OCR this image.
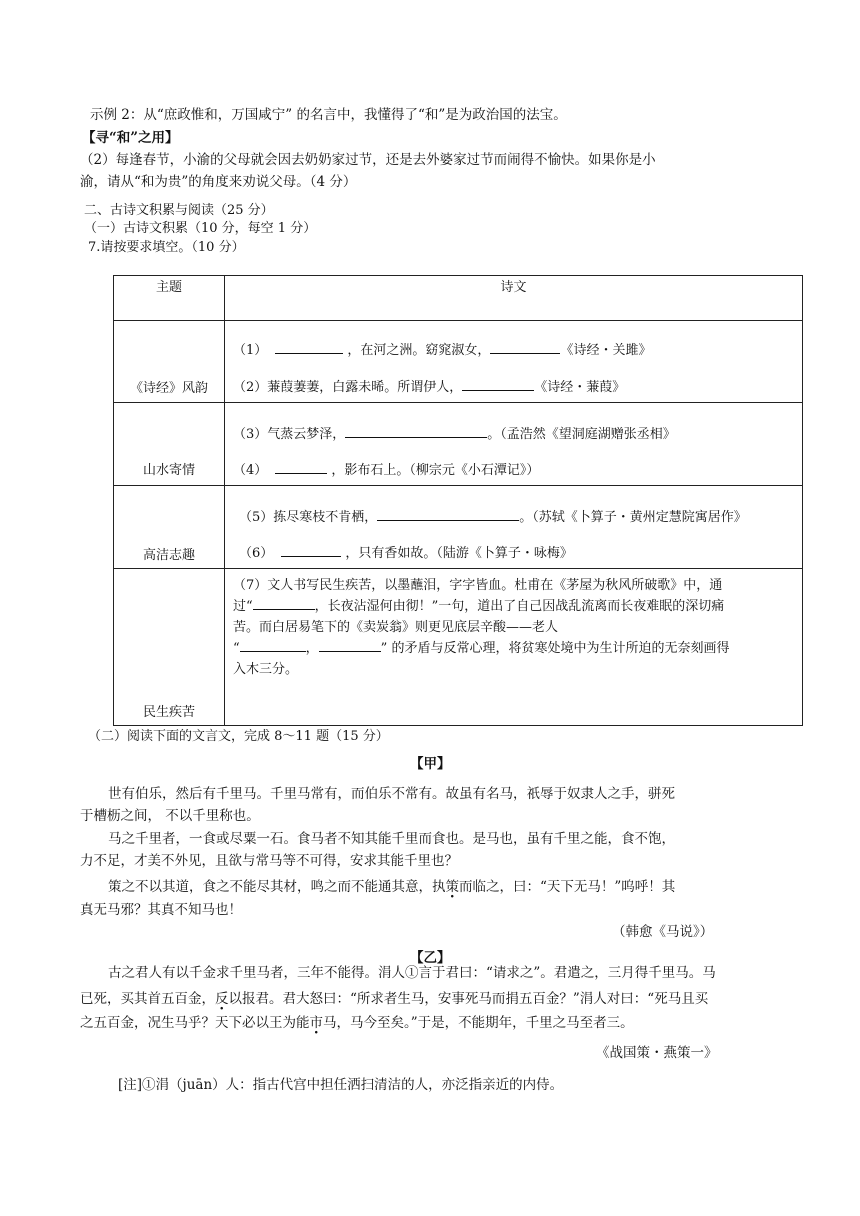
示例 2：从“庶政惟和，万国咸宁” 的名言中，我懂得了“和”是为政治国的法宝。
【寻“和”之用】
（2）每逢春节，小渝的父母就会因去奶奶家过节，还是去外婆家过节而闹得不愉快。如果你是小
渝，请从“和为贵”的角度来劝说父母。（4 分）
二、古诗文积累与阅读（25 分）
（一）古诗文积累（10 分，每空 1 分）
7.请按要求填空。（10 分）
主题	诗文

《诗经》风韵	（1） ，在河之洲。窈窕淑女， 《诗经・关雎》
（2）蒹葭萋萋，白露未晞。所谓伊人， 《诗经・蒹葭》

山水寄情	（3）气蒸云梦泽， 。（孟浩然《望洞庭湖赠张丞相》
（4） ，影布石上。（柳宗元《小石潭记》）

高洁志趣	（5）拣尽寒枝不肯栖， 。（苏轼《卜算子・黄州定慧院寓居作》
（6） ，只有香如故。（陆游《卜算子・咏梅》

民生疾苦	（7）文人书写民生疾苦，以墨蘸泪，字字皆血。杜甫在《茅屋为秋风所破歌》中，通
过“ ，长夜沾湿何由彻！”一句，道出了自己因战乱流离而长夜难眠的深切痛
苦。而白居易笔下的《卖炭翁》则更见底层辛酸——老人
“ ， ” 的矛盾与反常心理，将贫寒处境中为生计所迫的无奈刻画得
入木三分。
（二）阅读下面的文言文，完成 8～11 题（15 分）
【甲】
世有伯乐，然后有千里马。千里马常有，而伯乐不常有。故虽有名马，祇辱于奴隶人之手，骈死
于槽枥之间， 不以千里称也。
马之千里者，一食或尽粟一石。食马者不知其能千里而食也。是马也，虽有千里之能，食不饱，
力不足，才美不外见，且欲与常马等不可得，安求其能千里也？
策之不以其道，食之不能尽其材，鸣之而不能通其意，执策而临之，曰：“天下无马！”呜呼！其
真无马邪？其真不知马也！
（韩愈《马说》）
【乙】
古之君人有以千金求千里马者，三年不能得。涓人①言于君曰：“请求之”。君遣之，三月得千里马。马
已死，买其首五百金，反以报君。君大怒曰：“所求者生马，安事死马而捐五百金？”涓人对曰：“死马且买
之五百金，况生马乎？天下必以王为能市马，马今至矣。”于是，不能期年，千里之马至者三。
《战国策・燕策一》
[注]①涓（juān）人：指古代宫中担任洒扫清洁的人，亦泛指亲近的内侍。
